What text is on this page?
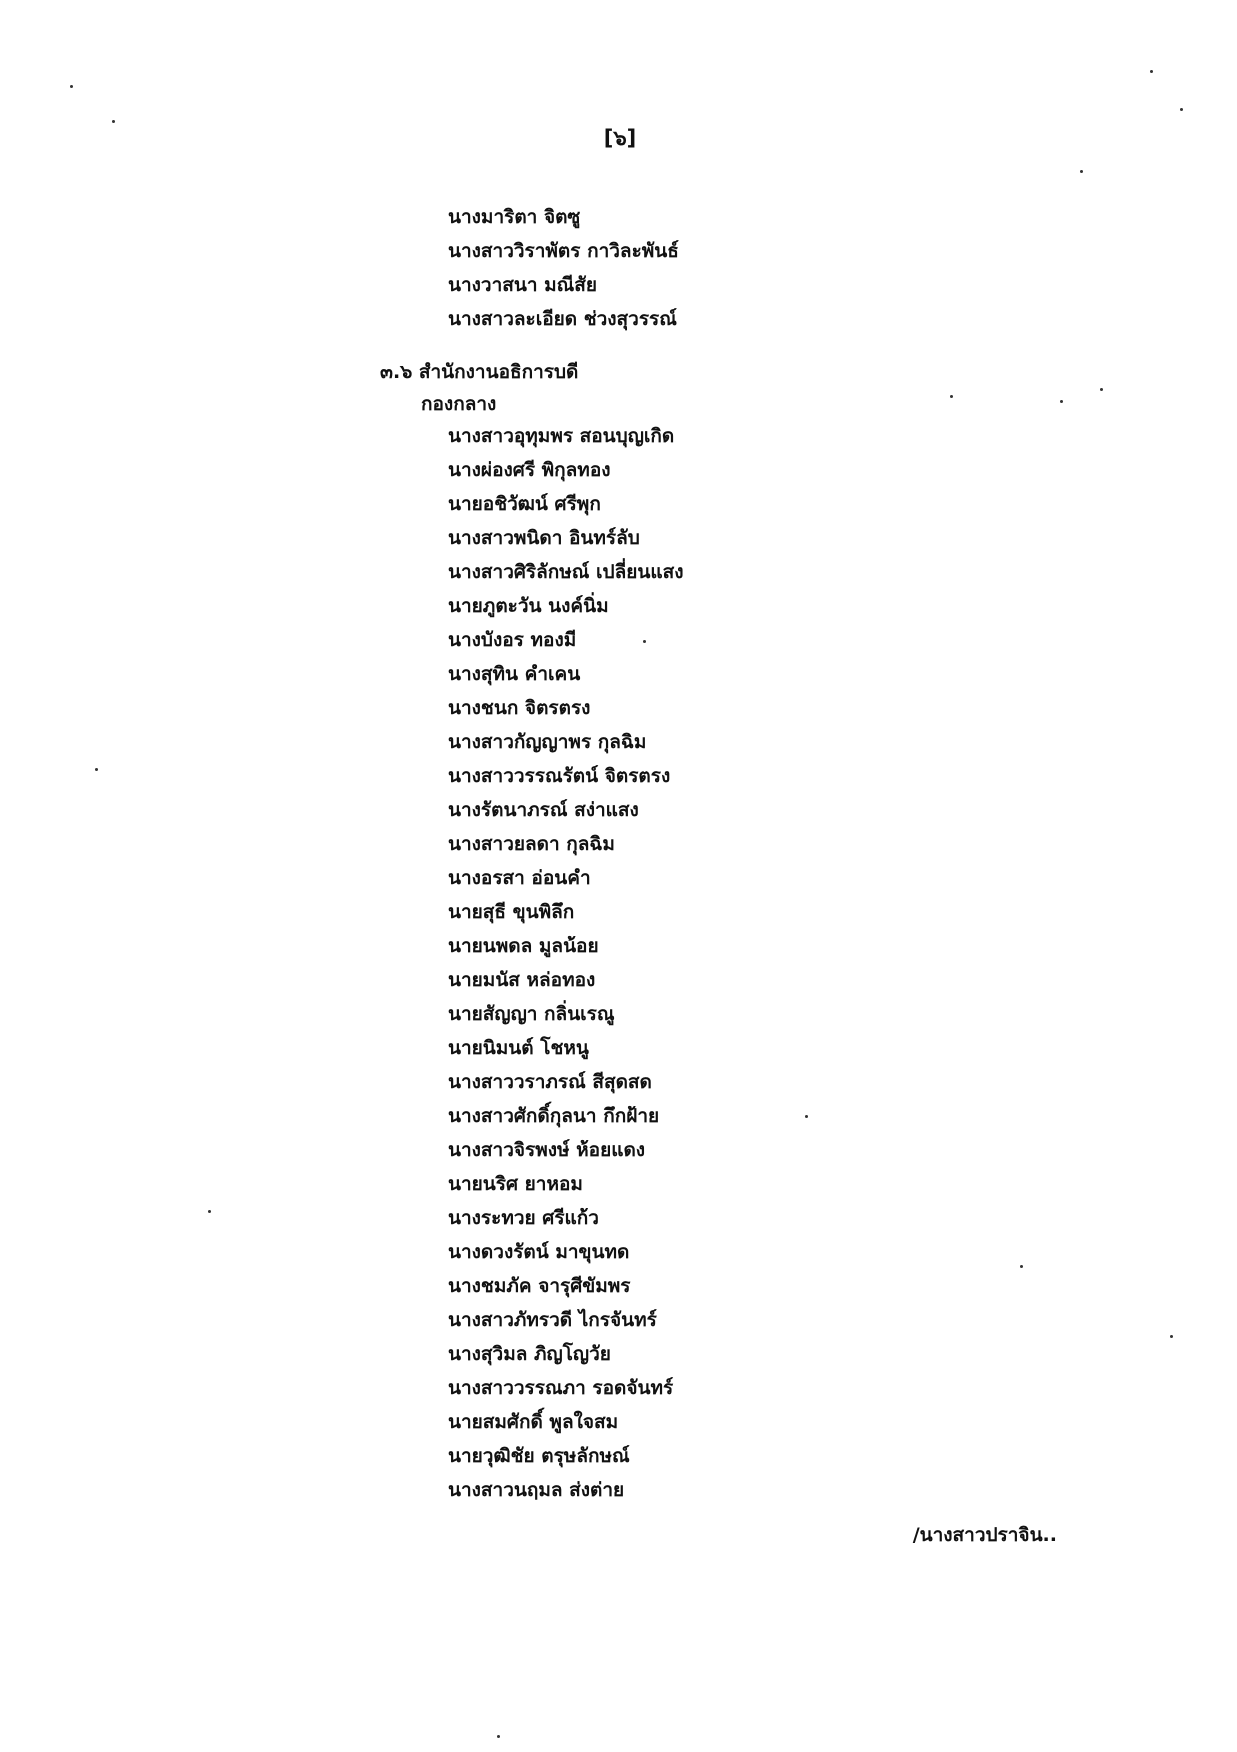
[๖]
นางมาริตา จิตซู
นางสาววิราพัตร กาวิละพันธ์
นางวาสนา มณีสัย
นางสาวละเอียด ช่วงสุวรรณ์
๓.๖ สำนักงานอธิการบดี
กองกลาง
นางสาวอุทุมพร สอนบุญเกิด
นางผ่องศรี พิกุลทอง
นายอชิวัฒน์ ศรีพุก
นางสาวพนิดา อินทร์ลับ
นางสาวศิริลักษณ์ เปลี่ยนแสง
นายภูตะวัน นงค์นิ่ม
นางบังอร ทองมี
นางสุทิน คำเคน
นางชนก จิตรตรง
นางสาวกัญญาพร กุลฉิม
นางสาววรรณรัตน์ จิตรตรง
นางรัตนาภรณ์ สง่าแสง
นางสาวยลดา กุลฉิม
นางอรสา อ่อนคำ
นายสุธี ขุนพิลึก
นายนพดล มูลน้อย
นายมนัส หล่อทอง
นายสัญญา กลิ่นเรณู
นายนิมนต์ โชหนู
นางสาววราภรณ์ สีสุดสด
นางสาวศักดิ์กุลนา กึกฝ้าย
นางสาวจิรพงษ์ ห้อยแดง
นายนริศ ยาหอม
นางระทวย ศรีแก้ว
นางดวงรัตน์ มาขุนทด
นางชมภัค จารุศีขัมพร
นางสาวภัทรวดี ไกรจันทร์
นางสุวิมล ภิญโญวัย
นางสาววรรณภา รอดจันทร์
นายสมศักดิ์ พูลใจสม
นายวุฒิชัย ตรุษลักษณ์
นางสาวนฤมล ส่งต่าย
/นางสาวปราจิน..
